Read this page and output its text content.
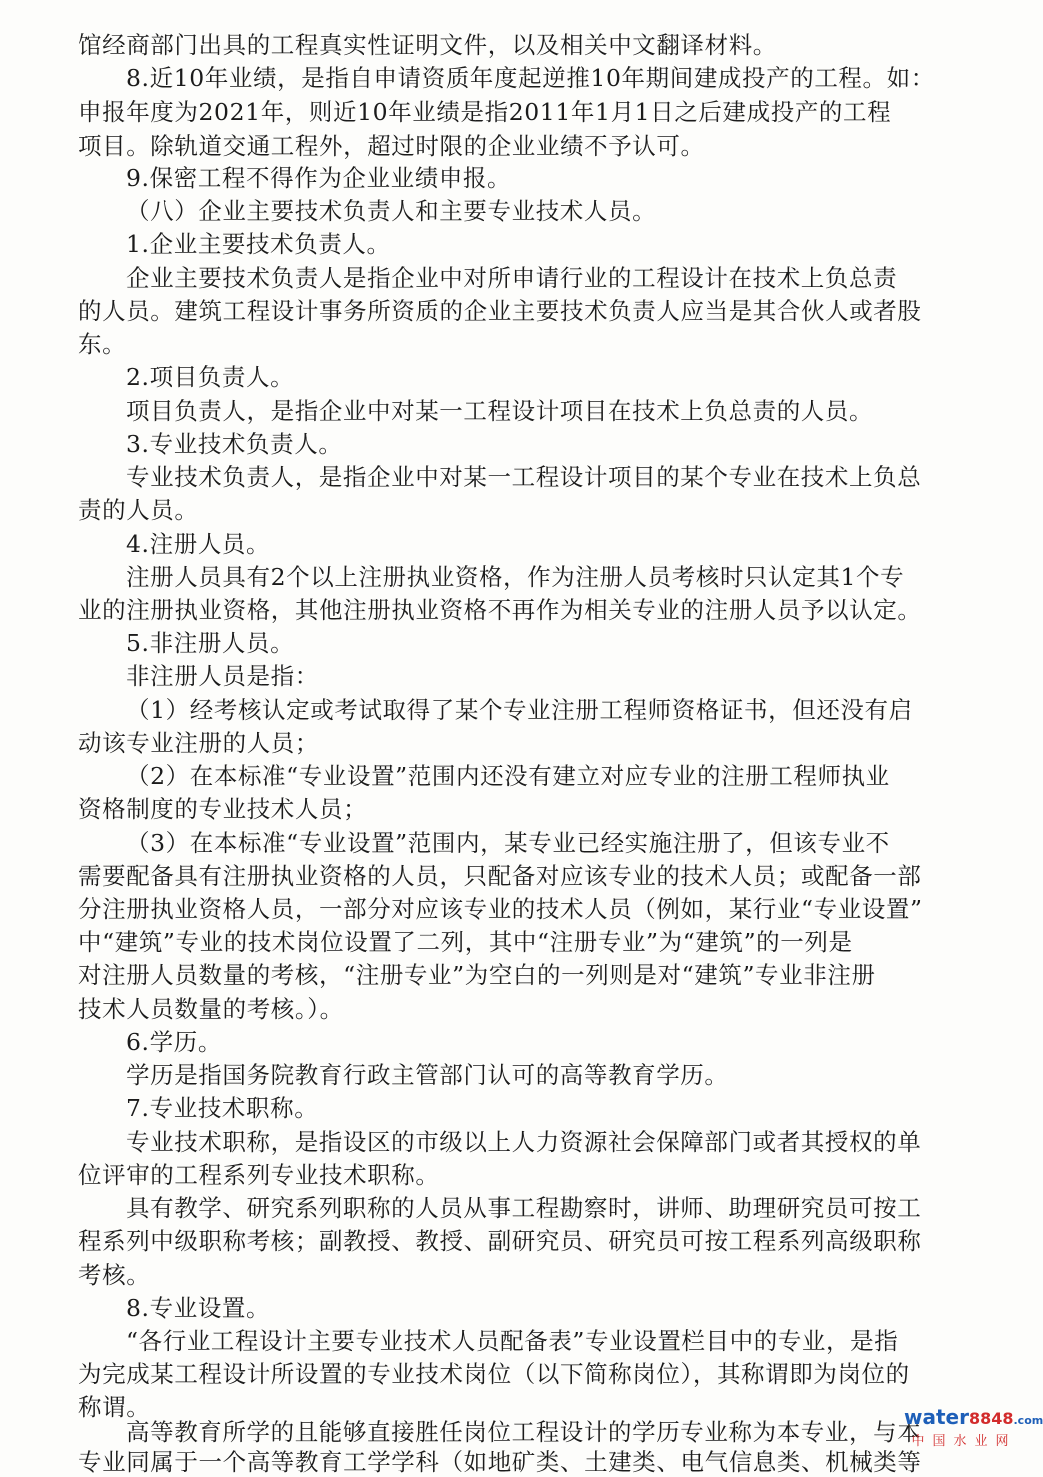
馆经商部门出具的工程真实性证明文件，以及相关中文翻译材料。
8.近10年业绩，是指自申请资质年度起逆推10年期间建成投产的工程。如：
申报年度为2021年，则近10年业绩是指2011年1月1日之后建成投产的工程
项目。除轨道交通工程外，超过时限的企业业绩不予认可。
9.保密工程不得作为企业业绩申报。
（八）企业主要技术负责人和主要专业技术人员。
1.企业主要技术负责人。
企业主要技术负责人是指企业中对所申请行业的工程设计在技术上负总责
的人员。建筑工程设计事务所资质的企业主要技术负责人应当是其合伙人或者股
东。
2.项目负责人。
项目负责人，是指企业中对某一工程设计项目在技术上负总责的人员。
3.专业技术负责人。
专业技术负责人，是指企业中对某一工程设计项目的某个专业在技术上负总
责的人员。
4.注册人员。
注册人员具有2个以上注册执业资格，作为注册人员考核时只认定其1个专
业的注册执业资格，其他注册执业资格不再作为相关专业的注册人员予以认定。
5.非注册人员。
非注册人员是指：
（1）经考核认定或考试取得了某个专业注册工程师资格证书，但还没有启
动该专业注册的人员；
（2）在本标准“专业设置”范围内还没有建立对应专业的注册工程师执业
资格制度的专业技术人员；
（3）在本标准“专业设置”范围内，某专业已经实施注册了，但该专业不
需要配备具有注册执业资格的人员，只配备对应该专业的技术人员；或配备一部
分注册执业资格人员，一部分对应该专业的技术人员（例如，某行业“专业设置”
中“建筑”专业的技术岗位设置了二列，其中“注册专业”为“建筑”的一列是
对注册人员数量的考核，“注册专业”为空白的一列则是对“建筑”专业非注册
技术人员数量的考核。）。
6.学历。
学历是指国务院教育行政主管部门认可的高等教育学历。
7.专业技术职称。
专业技术职称，是指设区的市级以上人力资源社会保障部门或者其授权的单
位评审的工程系列专业技术职称。
具有教学、研究系列职称的人员从事工程勘察时，讲师、助理研究员可按工
程系列中级职称考核；副教授、教授、副研究员、研究员可按工程系列高级职称
考核。
8.专业设置。
“各行业工程设计主要专业技术人员配备表”专业设置栏目中的专业，是指
为完成某工程设计所设置的专业技术岗位（以下简称岗位），其称谓即为岗位的
称谓。
高等教育所学的且能够直接胜任岗位工程设计的学历专业称为本专业，与本
专业同属于一个高等教育工学学科（如地矿类、土建类、电气信息类、机械类等
water8848.com
中国水业网
